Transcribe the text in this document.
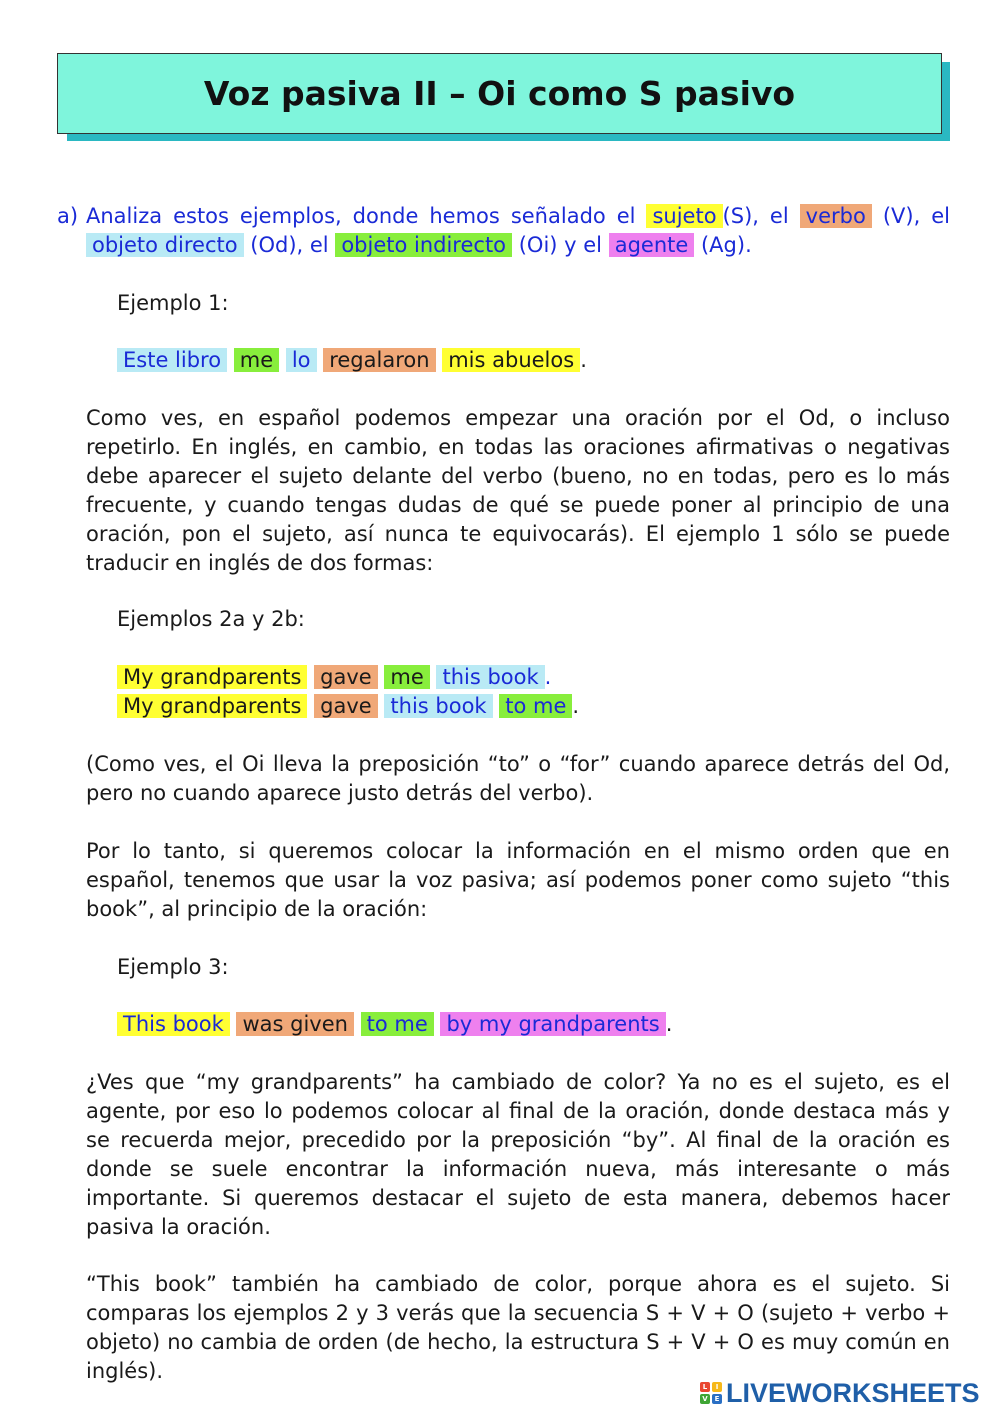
Voz pasiva II – Oi como S pasivo
a) Analiza estos ejemplos, donde hemos señalado el sujeto (S), el verbo (V), el objeto directo (Od), el objeto indirecto (Oi) y el agente (Ag).

Ejemplo 1:

Este libro me lo regalaron mis abuelos .

Como ves, en español podemos empezar una oración por el Od, o incluso repetirlo. En inglés, en cambio, en todas las oraciones afirmativas o negativas debe aparecer el sujeto delante del verbo (bueno, no en todas, pero es lo más frecuente, y cuando tengas dudas de qué se puede poner al principio de una oración, pon el sujeto, así nunca te equivocarás). El ejemplo 1 sólo se puede traducir en inglés de dos formas:

Ejemplos 2a y 2b:

My grandparents gave me this book .

My grandparents gave this book to me .

(Como ves, el Oi lleva la preposición “to” o “for” cuando aparece detrás del Od, pero no cuando aparece justo detrás del verbo).

Por lo tanto, si queremos colocar la información en el mismo orden que en español, tenemos que usar la voz pasiva; así podemos poner como sujeto “this book”, al principio de la oración:

Ejemplo 3:

This book was given to me by my grandparents .

¿Ves que “my grandparents” ha cambiado de color? Ya no es el sujeto, es el agente, por eso lo podemos colocar al final de la oración, donde destaca más y se recuerda mejor, precedido por la preposición “by”. Al final de la oración es donde se suele encontrar la información nueva, más interesante o más importante. Si queremos destacar el sujeto de esta manera, debemos hacer pasiva la oración.

“This book” también ha cambiado de color, porque ahora es el sujeto. Si comparas los ejemplos 2 y 3 verás que la secuencia S + V + O (sujeto + verbo + objeto) no cambia de orden (de hecho, la estructura S + V + O es muy común en inglés).

L	I
V E LIVEWORKSHEETS
